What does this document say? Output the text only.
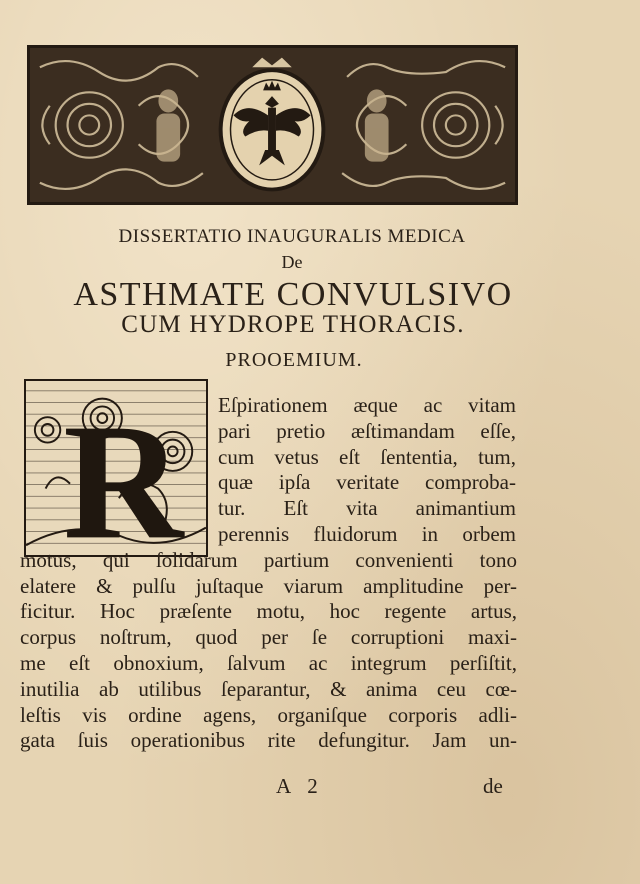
DISSERTATIO INAUGURALIS MEDICA
De
ASTHMATE CONVULSIVO
CUM HYDROPE THORACIS.
PROOEMIUM.
R Eſpirationem æque ac vitam
pari pretio æſtimandam eſſe,
cum vetus eſt ſententia, tum,
quæ ipſa veritate comproba-
tur. Eſt vita animantium
perennis fluidorum in orbem
motus, qui ſolidarum partium convenienti tono
elatere & pulſu juſtaque viarum amplitudine per-
ficitur. Hoc præſente motu, hoc regente artus,
corpus noſtrum, quod per ſe corruptioni maxi-
me eſt obnoxium, ſalvum ac integrum perſiſtit,
inutilia ab utilibus ſeparantur, & anima ceu cœ-
leſtis vis ordine agens, organiſque corporis adli-
gata ſuis operationibus rite defungitur. Jam un-
A 2	de
